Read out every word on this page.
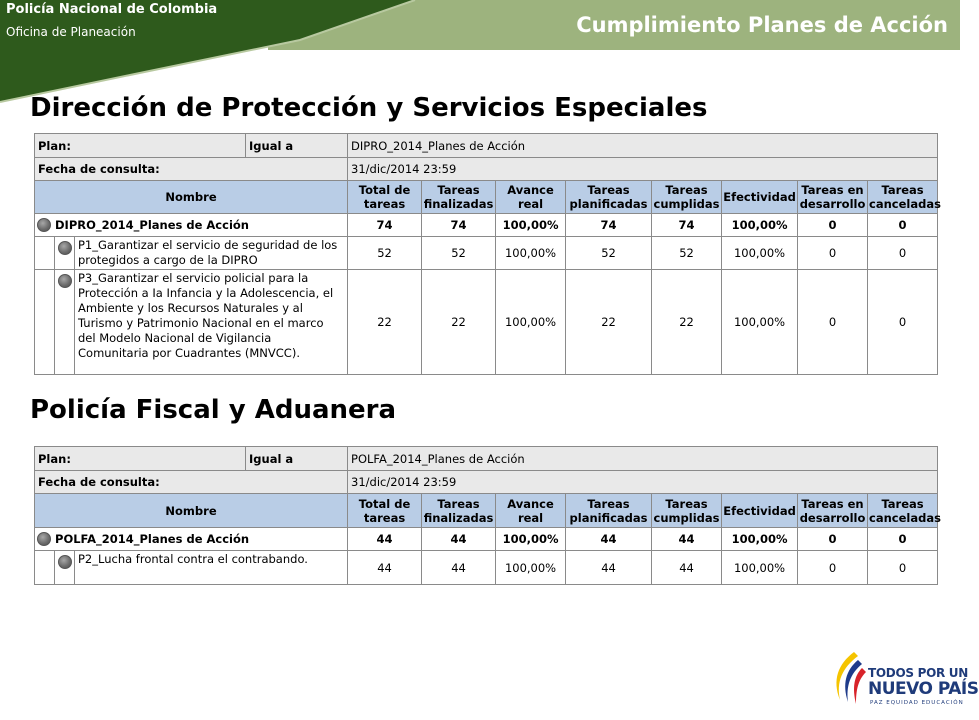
Policía Nacional de Colombia
Oficina de Planeación	Cumplimiento Planes de Acción
Dirección de Protección y Servicios Especiales
Plan:			Igual a	DIPRO_2014_Planes de Acción							
Fecha de consulta:				31/dic/2014 23:59							
Nombre				Total de tareas	Tareas finalizadas	Avance real	Tareas planificadas	Tareas cumplidas	Efectividad	Tareas en desarrollo	Tareas canceladas
DIPRO_2014_Planes de Acción				74	74	100,00%	74	74	100,00%	0	0
		P1_Garantizar el servicio de seguridad de los protegidos a cargo de la DIPRO		52	52	100,00%	52	52	100,00%	0	0
		P3_Garantizar el servicio policial para la Protección a Ia Infancia y la Adolescencia, el Ambiente y los Recursos Naturales y al Turismo y Patrimonio Nacional en el marco del Modelo Nacional de Vigilancia Comunitaria por Cuadrantes (MNVCC).		22	22	100,00%	22	22	100,00%	0	0
Policía Fiscal y Aduanera
Plan:			Igual a	POLFA_2014_Planes de Acción							
Fecha de consulta:				31/dic/2014 23:59							
Nombre				Total de tareas	Tareas finalizadas	Avance real	Tareas planificadas	Tareas cumplidas	Efectividad	Tareas en desarrollo	Tareas canceladas
POLFA_2014_Planes de Acción				44	44	100,00%	44	44	100,00%	0	0
		P2_Lucha frontal contra el contrabando.		44	44	100,00%	44	44	100,00%	0	0
TODOS POR UN
NUEVO PAÍS
PAZ EQUIDAD EDUCACIÓN
